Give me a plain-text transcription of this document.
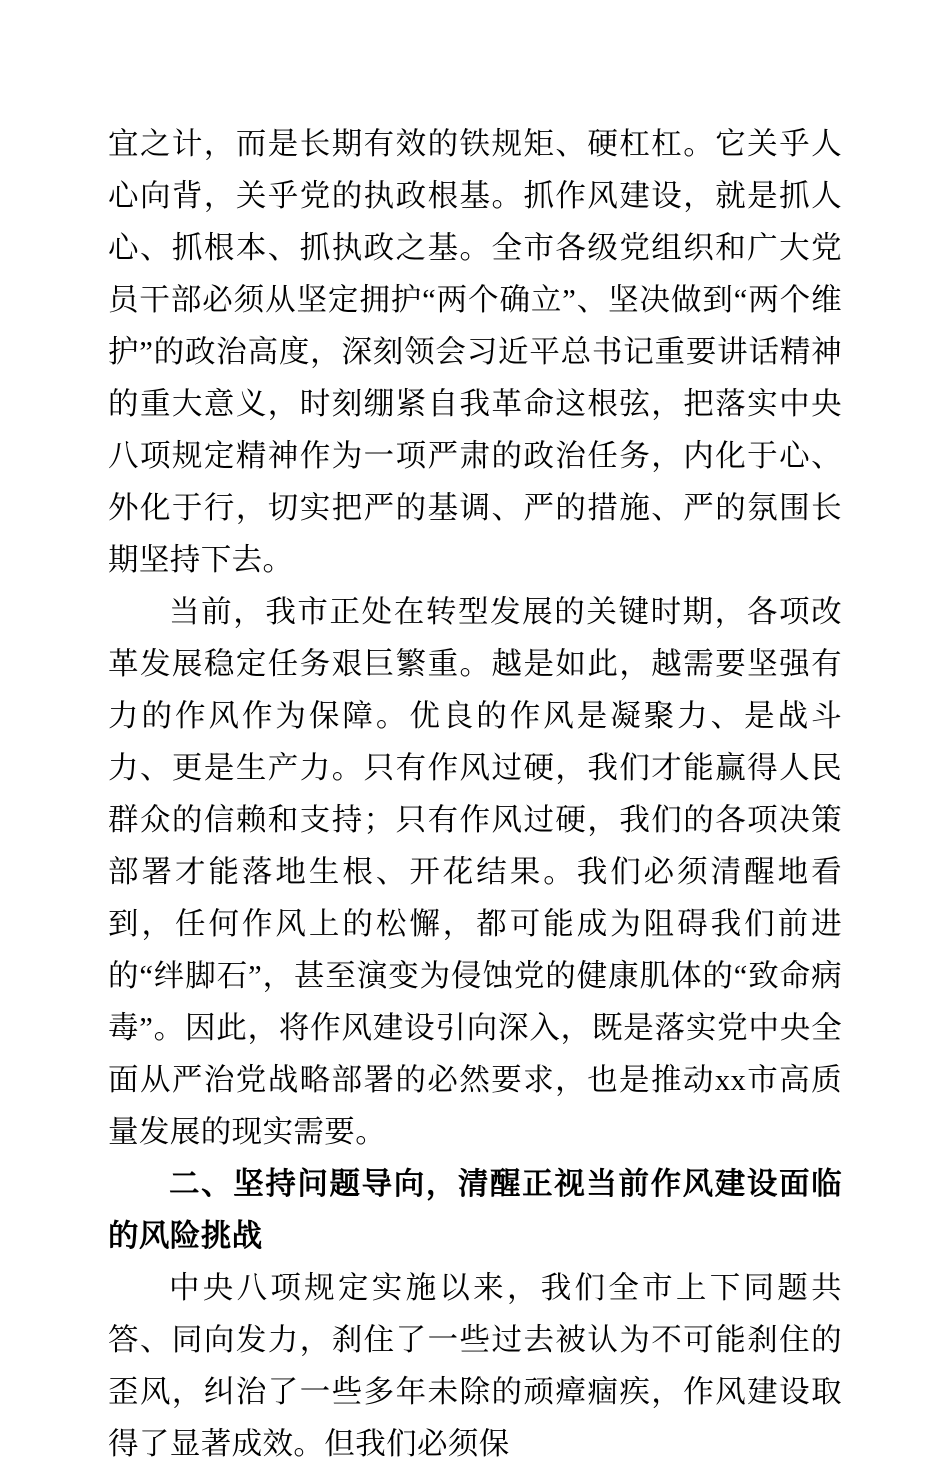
宜之计，而是长期有效的铁规矩、硬杠杠。它关乎人心向背，关乎党的执政根基。抓作风建设，就是抓人心、抓根本、抓执政之基。全市各级党组织和广大党员干部必须从坚定拥护“两个确立”、坚决做到“两个维护”的政治高度，深刻领会习近平总书记重要讲话精神的重大意义，时刻绷紧自我革命这根弦，把落实中央八项规定精神作为一项严肃的政治任务，内化于心、外化于行，切实把严的基调、严的措施、严的氛围长期坚持下去。

当前，我市正处在转型发展的关键时期，各项改革发展稳定任务艰巨繁重。越是如此，越需要坚强有力的作风作为保障。优良的作风是凝聚力、是战斗力、更是生产力。只有作风过硬，我们才能赢得人民群众的信赖和支持；只有作风过硬，我们的各项决策部署才能落地生根、开花结果。我们必须清醒地看到，任何作风上的松懈，都可能成为阻碍我们前进的“绊脚石”，甚至演变为侵蚀党的健康肌体的“致命病毒”。因此，将作风建设引向深入，既是落实党中央全面从严治党战略部署的必然要求，也是推动xx市高质量发展的现实需要。

二、坚持问题导向，清醒正视当前作风建设面临的风险挑战

中央八项规定实施以来，我们全市上下同题共答、同向发力，刹住了一些过去被认为不可能刹住的歪风，纠治了一些多年未除的顽瘴痼疾，作风建设取得了显著成效。但我们必须保
